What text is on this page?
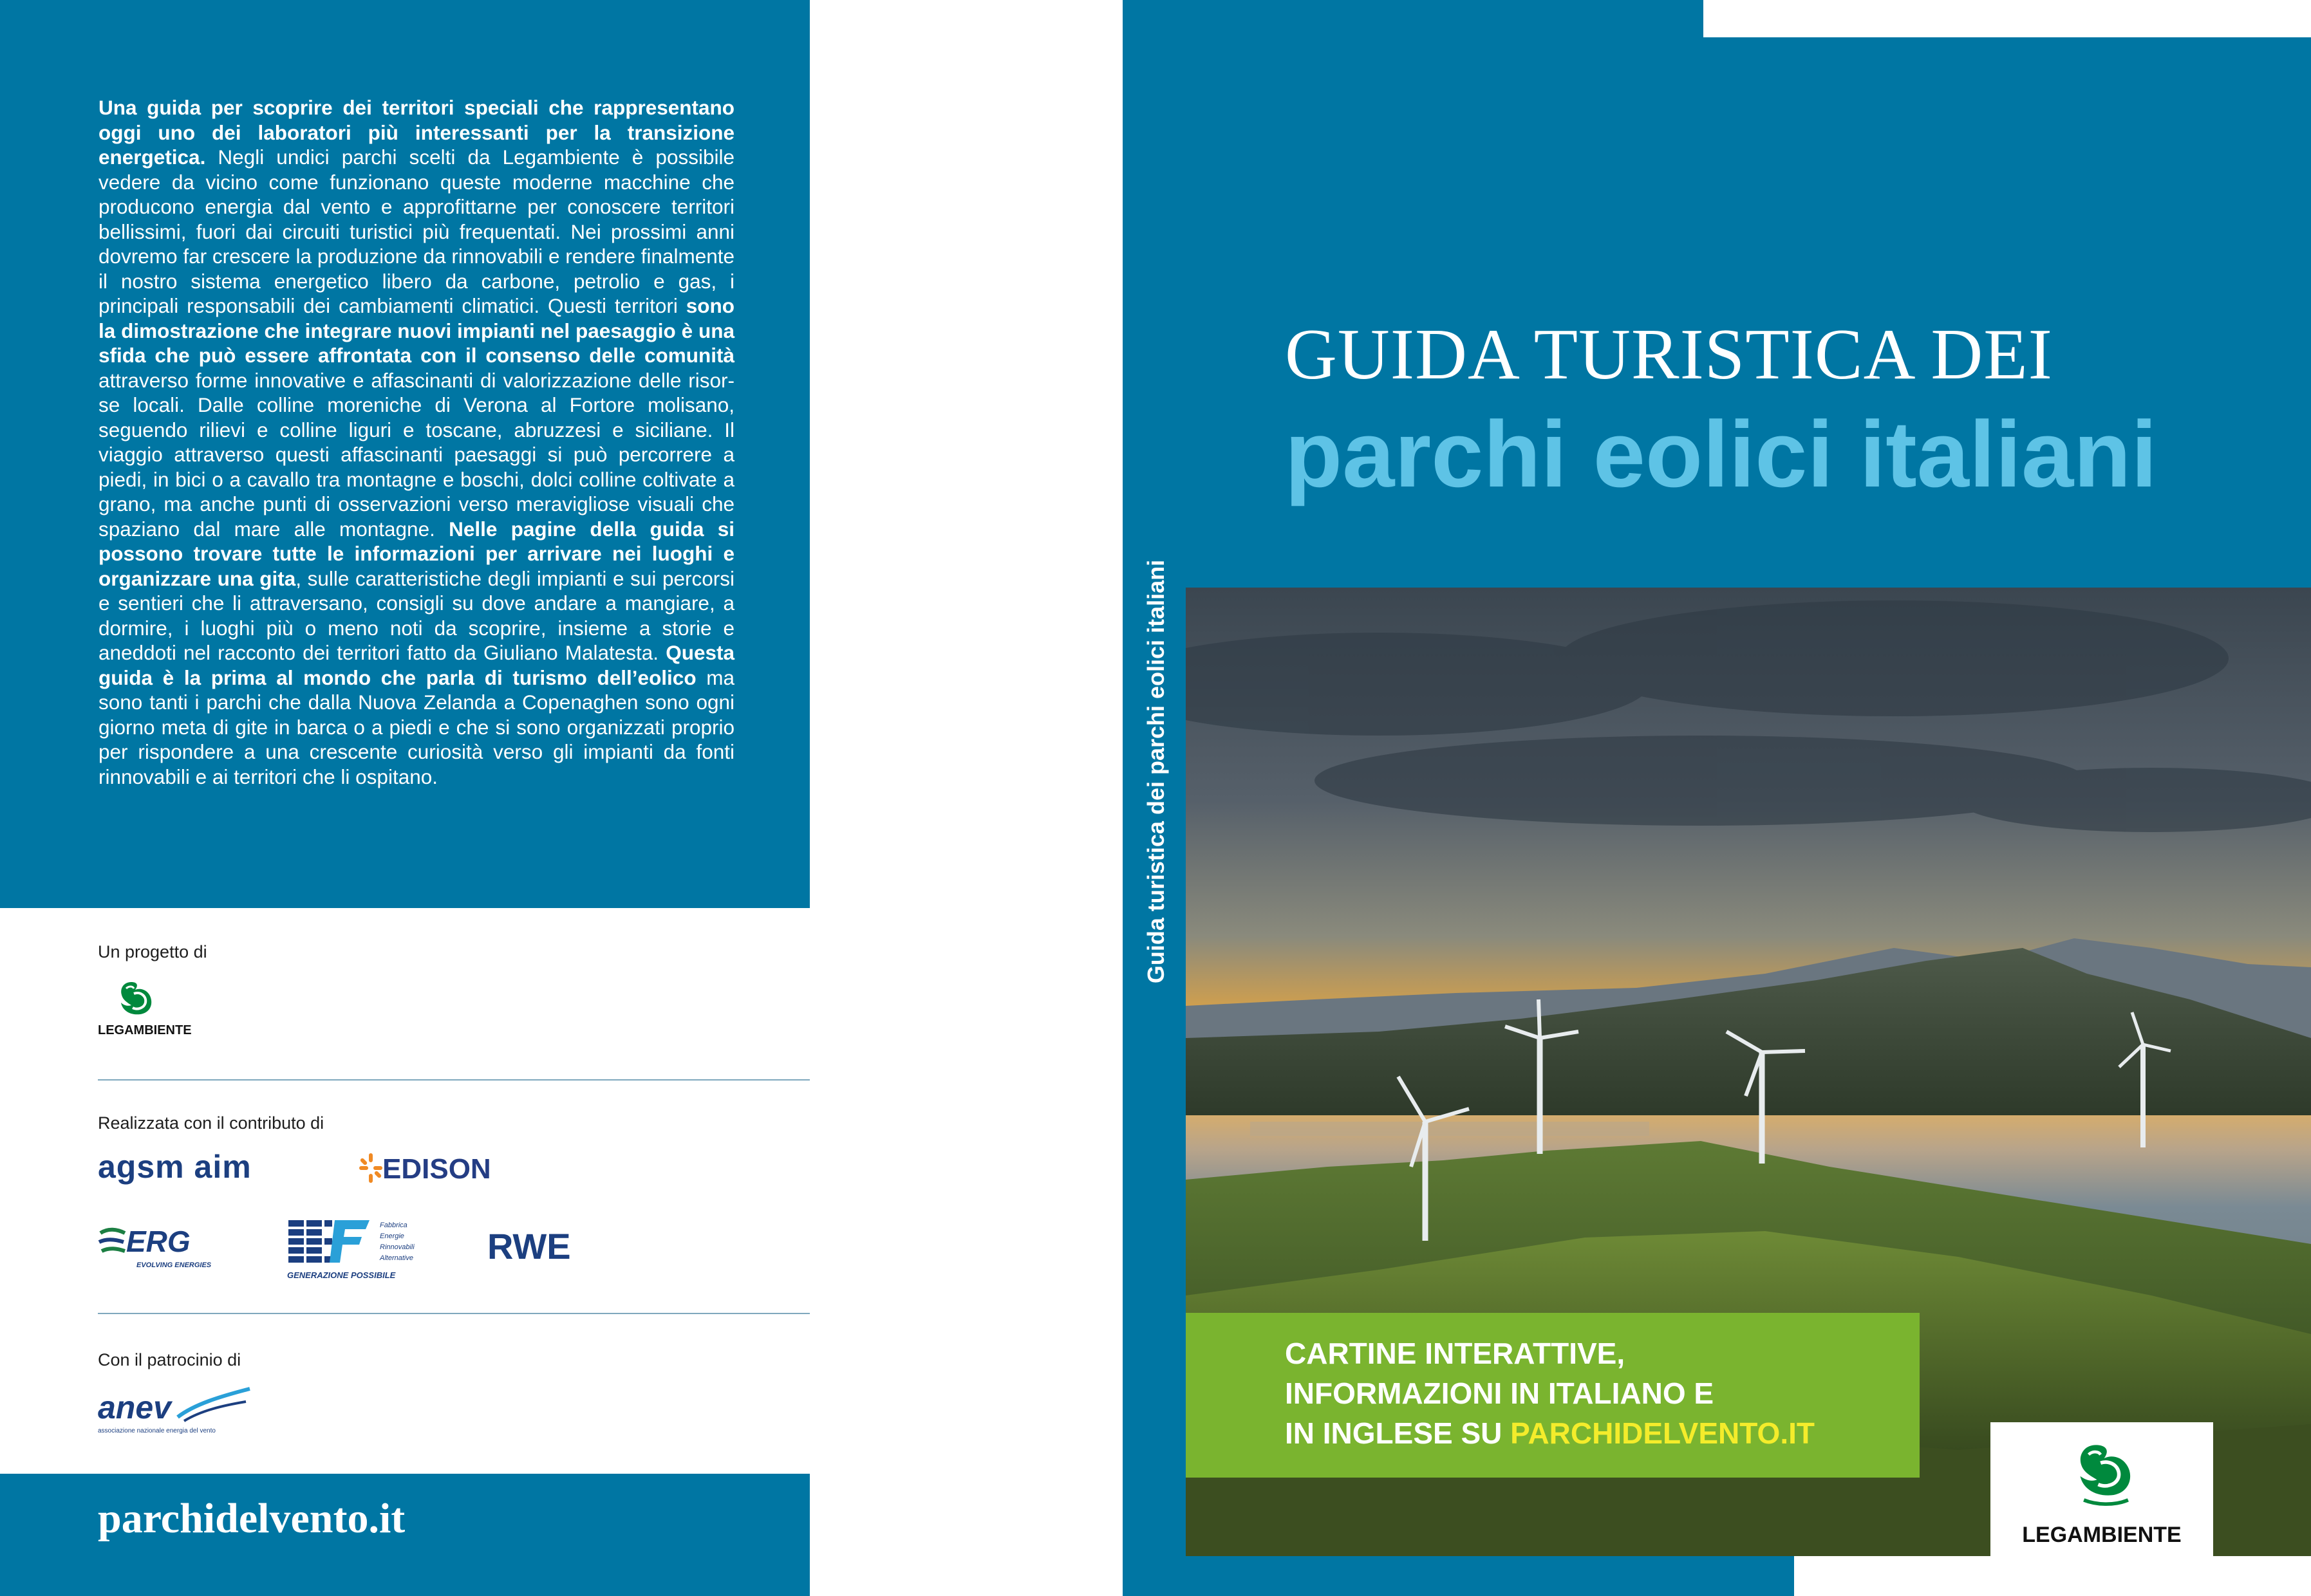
Una guida per scoprire dei territori speciali che rappresentano oggi uno dei laboratori più interessanti per la transizione energetica. Negli undici parchi scelti da Legambiente è possibile vedere da vicino come funzionano queste moderne macchine che producono energia dal vento e approfittarne per conoscere territori bellissimi, fuori dai circuiti turistici più frequentati. Nei prossimi anni dovremo far crescere la produzione da rinnovabili e rendere finalmente il nostro sistema energetico libero da carbone, petrolio e gas, i principali responsabili dei cambiamenti climatici. Questi territori sono la dimostrazione che integrare nuovi impianti nel paesaggio è una sfida che può essere affrontata con il consenso delle comunità attraverso forme innovative e affascinanti di valorizzazione delle risorse locali. Dalle colline moreniche di Verona al Fortore molisano, seguendo rilievi e colline liguri e toscane, abruzzesi e siciliane. Il viaggio attraverso questi affascinanti paesaggi si può percorrere a piedi, in bici o a cavallo tra montagne e boschi, dolci colline coltivate a grano, ma anche punti di osservazioni verso meravigliose visuali che spaziano dal mare alle montagne. Nelle pagine della guida si possono trovare tutte le informazioni per arrivare nei luoghi e organizzare una gita, sulle caratteristiche degli impianti e sui percorsi e sentieri che li attraversano, consigli su dove andare a mangiare, a dormire, i luoghi più o meno noti da scoprire, insieme a storie e aneddoti nel racconto dei territori fatto da Giuliano Malatesta. Questa guida è la prima al mondo che parla di turismo dell’eolico ma sono tanti i parchi che dalla Nuova Zelanda a Copenaghen sono ogni giorno meta di gite in barca o a piedi e che si sono organizzati proprio per rispondere a una crescente curiosità verso gli impianti da fonti rinnovabili e ai territori che li ospitano.
Un progetto di
LEGAMBIENTE
Realizzata con il contributo di
agsm aim	EDISON
ERG
EVOLVING ENERGIES
Fabbrica
Energie
Rinnovabili
Alternative
GENERAZIONE POSSIBILE
RWE
Con il patrocinio di
anev
associazione nazionale energia del vento
parchidelvento.it
Guida turistica dei parchi eolici italiani
GUIDA TURISTICA DEI
parchi eolici italiani
CARTINE INTERATTIVE,
INFORMAZIONI IN ITALIANO E
IN INGLESE SU PARCHIDELVENTO.IT
LEGAMBIENTE
